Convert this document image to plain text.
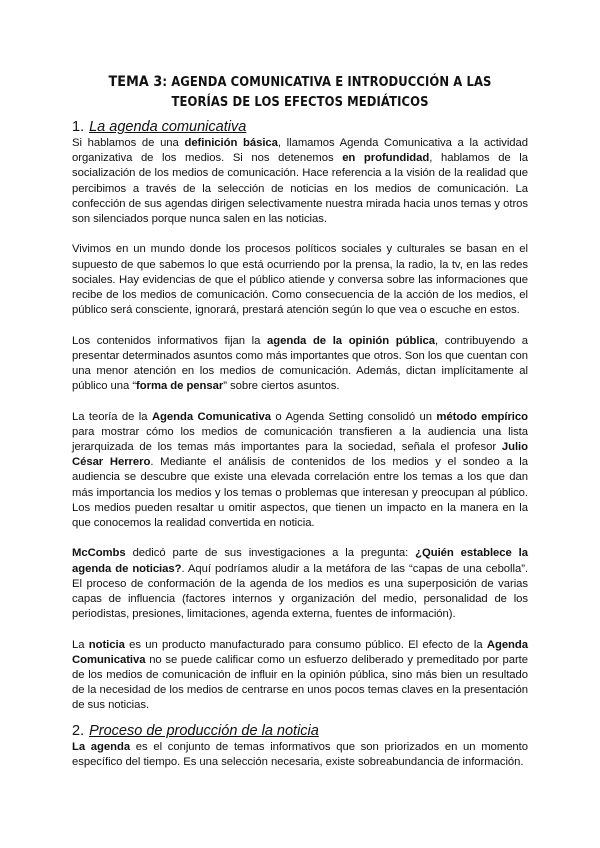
TEMA 3: AGENDA COMUNICATIVA E INTRODUCCIÓN A LAS TEORÍAS DE LOS EFECTOS MEDIÁTICOS
1. La agenda comunicativa

Si hablamos de una definición básica, llamamos Agenda Comunicativa a la actividad organizativa de los medios. Si nos detenemos en profundidad, hablamos de la socialización de los medios de comunicación. Hace referencia a la visión de la realidad que percibimos a través de la selección de noticias en los medios de comunicación. La confección de sus agendas dirigen selectivamente nuestra mirada hacia unos temas y otros son silenciados porque nunca salen en las noticias.

Vivimos en un mundo donde los procesos políticos sociales y culturales se basan en el supuesto de que sabemos lo que está ocurriendo por la prensa, la radio, la tv, en las redes sociales. Hay evidencias de que el público atiende y conversa sobre las informaciones que recibe de los medios de comunicación. Como consecuencia de la acción de los medios, el público será consciente, ignorará, prestará atención según lo que vea o escuche en estos.

Los contenidos informativos fijan la agenda de la opinión pública, contribuyendo a presentar determinados asuntos como más importantes que otros. Son los que cuentan con una menor atención en los medios de comunicación. Además, dictan implícitamente al público una “forma de pensar” sobre ciertos asuntos.

La teoría de la Agenda Comunicativa o Agenda Setting consolidó un método empírico para mostrar cómo los medios de comunicación transfieren a la audiencia una lista jerarquizada de los temas más importantes para la sociedad, señala el profesor Julio César Herrero. Mediante el análisis de contenidos de los medios y el sondeo a la audiencia se descubre que existe una elevada correlación entre los temas a los que dan más importancia los medios y los temas o problemas que interesan y preocupan al público. Los medios pueden resaltar u omitir aspectos, que tienen un impacto en la manera en la que conocemos la realidad convertida en noticia.

McCombs dedicó parte de sus investigaciones a la pregunta: ¿Quién establece la agenda de noticias?. Aquí podríamos aludir a la metáfora de las “capas de una cebolla”. El proceso de conformación de la agenda de los medios es una superposición de varias capas de influencia (factores internos y organización del medio, personalidad de los periodistas, presiones, limitaciones, agenda externa, fuentes de información).

La noticia es un producto manufacturado para consumo público. El efecto de la Agenda Comunicativa no se puede calificar como un esfuerzo deliberado y premeditado por parte de los medios de comunicación de influir en la opinión pública, sino más bien un resultado de la necesidad de los medios de centrarse en unos pocos temas claves en la presentación de sus noticias.

2. Proceso de producción de la noticia

La agenda es el conjunto de temas informativos que son priorizados en un momento específico del tiempo. Es una selección necesaria, existe sobreabundancia de información.
